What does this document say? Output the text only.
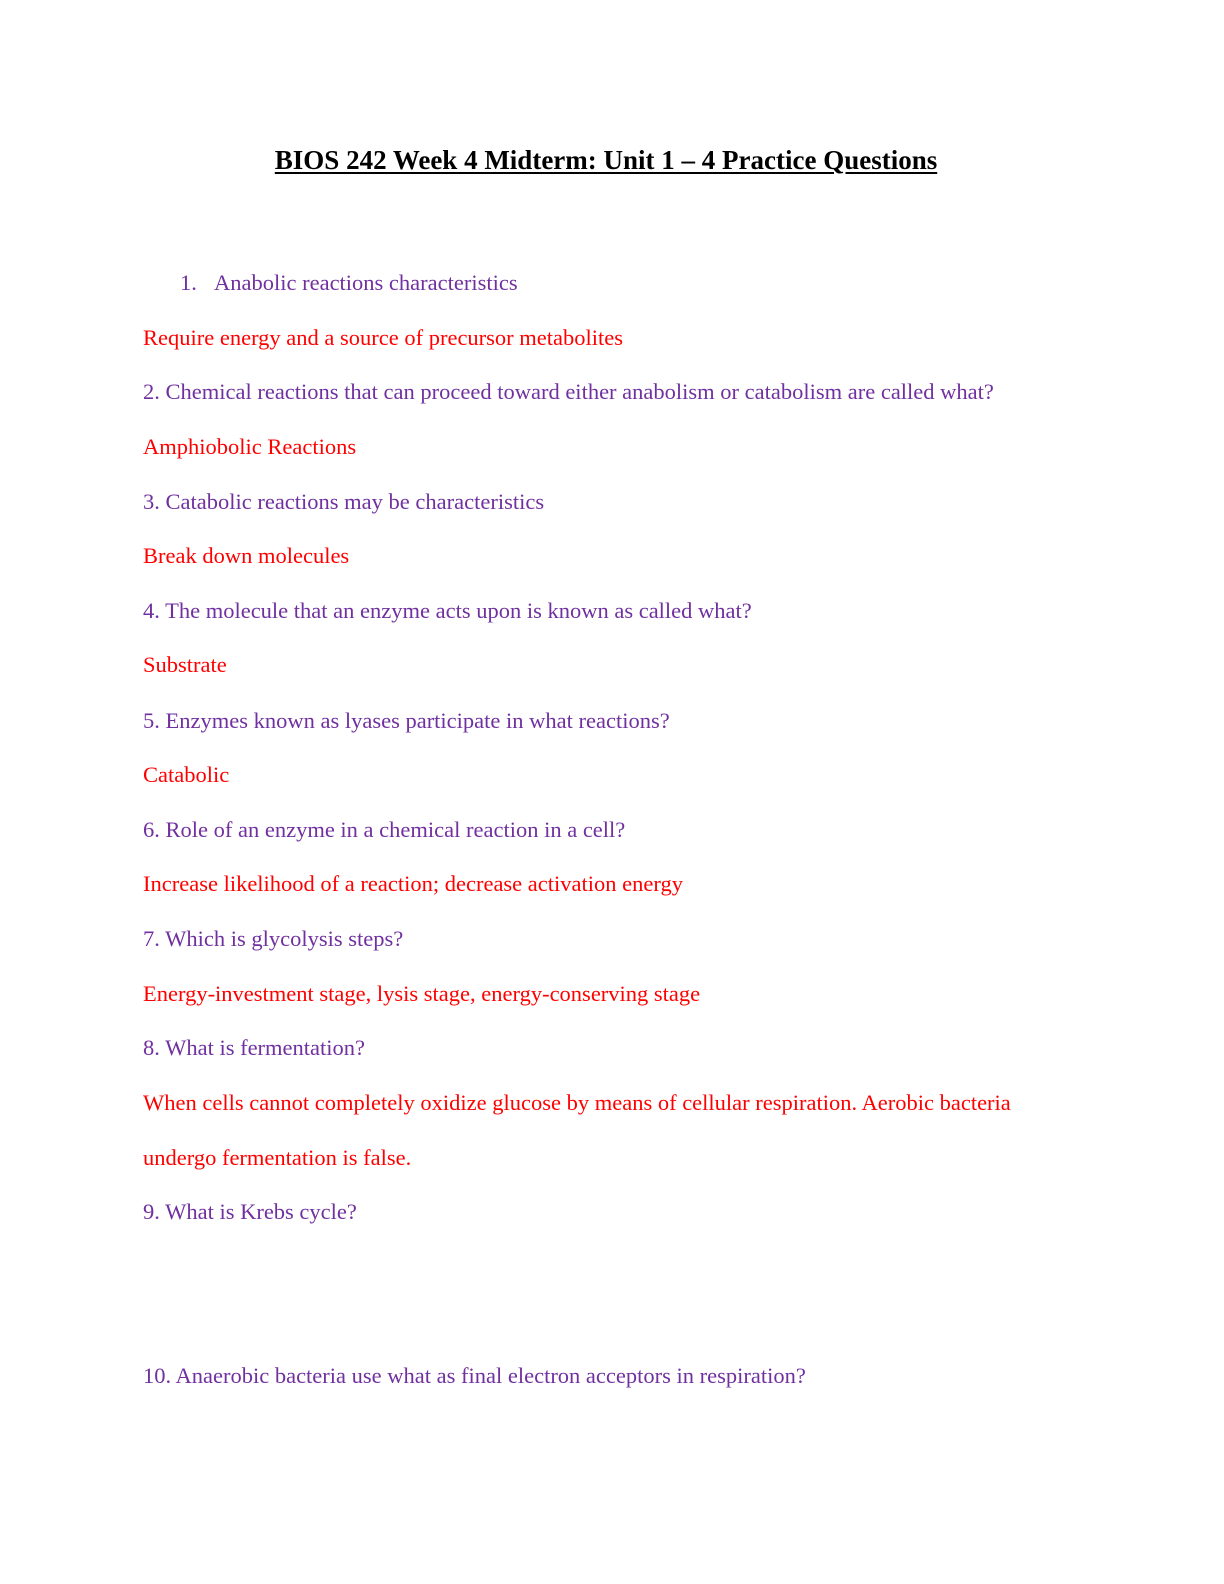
BIOS 242 Week 4 Midterm: Unit 1 – 4 Practice Questions

1. Anabolic reactions characteristics

Require energy and a source of precursor metabolites

2. Chemical reactions that can proceed toward either anabolism or catabolism are called what?

Amphiobolic Reactions

3. Catabolic reactions may be characteristics

Break down molecules

4. The molecule that an enzyme acts upon is known as called what?

Substrate

5. Enzymes known as lyases participate in what reactions?

Catabolic

6. Role of an enzyme in a chemical reaction in a cell?

Increase likelihood of a reaction; decrease activation energy

7. Which is glycolysis steps?

Energy-investment stage, lysis stage, energy-conserving stage

8. What is fermentation?

When cells cannot completely oxidize glucose by means of cellular respiration. Aerobic bacteria

undergo fermentation is false.

9. What is Krebs cycle?

10. Anaerobic bacteria use what as final electron acceptors in respiration?
